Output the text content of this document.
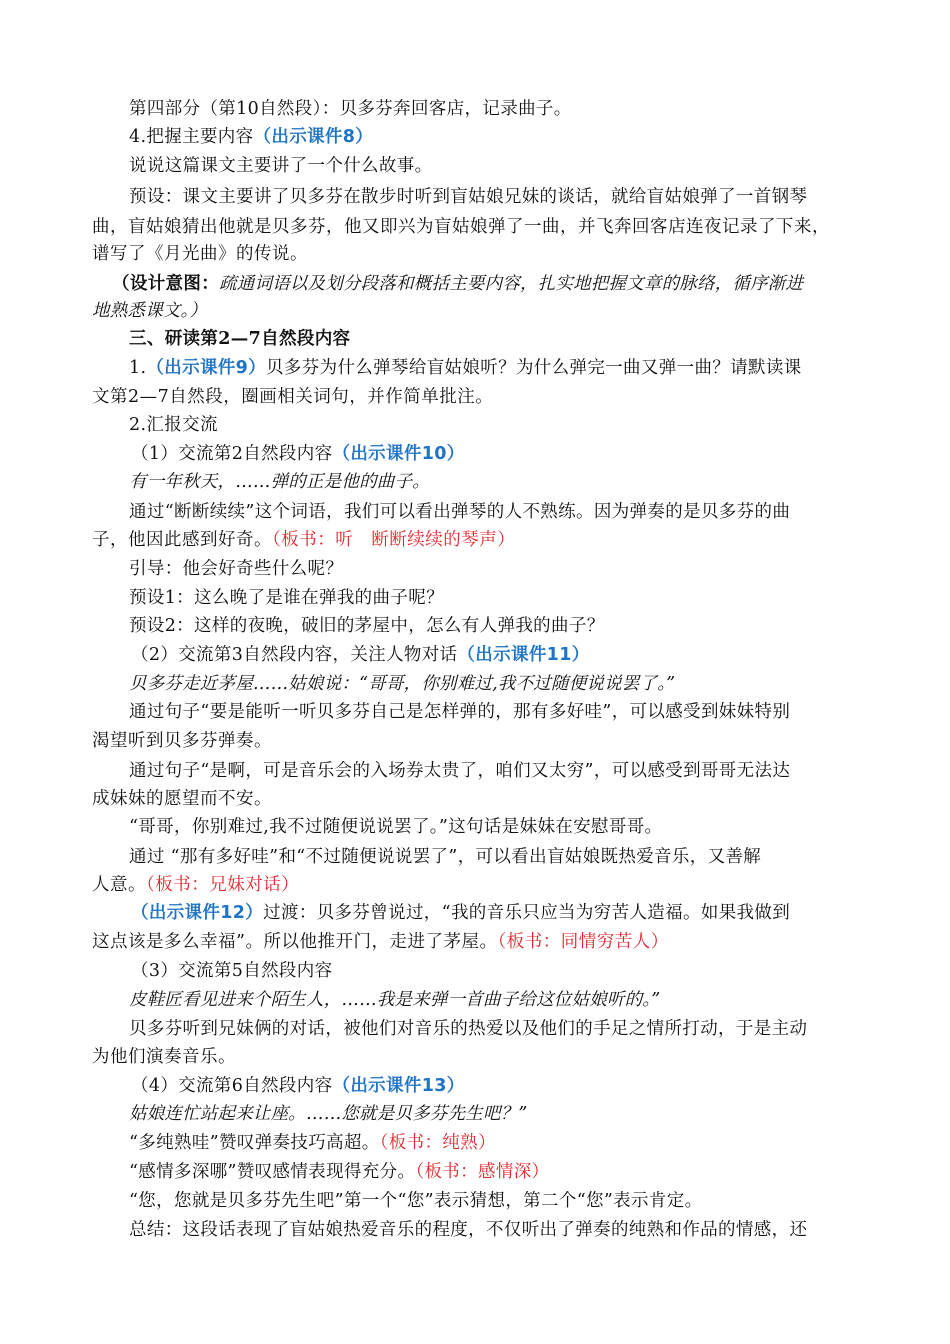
第四部分（第10自然段）：贝多芬奔回客店，记录曲子。
4.把握主要内容（出示课件8）
说说这篇课文主要讲了一个什么故事。
预设：课文主要讲了贝多芬在散步时听到盲姑娘兄妹的谈话，就给盲姑娘弹了一首钢琴
曲，盲姑娘猜出他就是贝多芬，他又即兴为盲姑娘弹了一曲，并飞奔回客店连夜记录了下来，
谱写了《月光曲》的传说。
（设计意图：疏通词语以及划分段落和概括主要内容，扎实地把握文章的脉络，循序渐进
地熟悉课文。）
三、研读第2—7自然段内容
1.（出示课件9）贝多芬为什么弹琴给盲姑娘听？为什么弹完一曲又弹一曲？请默读课
文第2—7自然段，圈画相关词句，并作简单批注。
2.汇报交流
（1）交流第2自然段内容（出示课件10）
有一年秋天，……弹的正是他的曲子。
通过“断断续续”这个词语，我们可以看出弹琴的人不熟练。因为弹奏的是贝多芬的曲
子，他因此感到好奇。（板书：听　断断续续的琴声）
引导：他会好奇些什么呢？
预设1：这么晚了是谁在弹我的曲子呢？
预设2：这样的夜晚，破旧的茅屋中，怎么有人弹我的曲子？
（2）交流第3自然段内容，关注人物对话（出示课件11）
贝多芬走近茅屋……姑娘说：“哥哥，你别难过,我不过随便说说罢了。”
通过句子“要是能听一听贝多芬自己是怎样弹的，那有多好哇”，可以感受到妹妹特别
渴望听到贝多芬弹奏。
通过句子“是啊，可是音乐会的入场券太贵了，咱们又太穷”，可以感受到哥哥无法达
成妹妹的愿望而不安。
“哥哥，你别难过,我不过随便说说罢了。”这句话是妹妹在安慰哥哥。
通过 “那有多好哇”和“不过随便说说罢了”，可以看出盲姑娘既热爱音乐，又善解
人意。（板书：兄妹对话）
（出示课件12）过渡：贝多芬曾说过，“我的音乐只应当为穷苦人造福。如果我做到
这点该是多么幸福”。所以他推开门，走进了茅屋。（板书：同情穷苦人）
（3）交流第5自然段内容
皮鞋匠看见进来个陌生人，……我是来弹一首曲子给这位姑娘听的。”
贝多芬听到兄妹俩的对话，被他们对音乐的热爱以及他们的手足之情所打动，于是主动
为他们演奏音乐。
（4）交流第6自然段内容（出示课件13）
姑娘连忙站起来让座。……您就是贝多芬先生吧？”
“多纯熟哇”赞叹弹奏技巧高超。（板书：纯熟）
“感情多深哪”赞叹感情表现得充分。（板书：感情深）
“您，您就是贝多芬先生吧”第一个“您”表示猜想，第二个“您”表示肯定。
总结：这段话表现了盲姑娘热爱音乐的程度，不仅听出了弹奏的纯熟和作品的情感，还
